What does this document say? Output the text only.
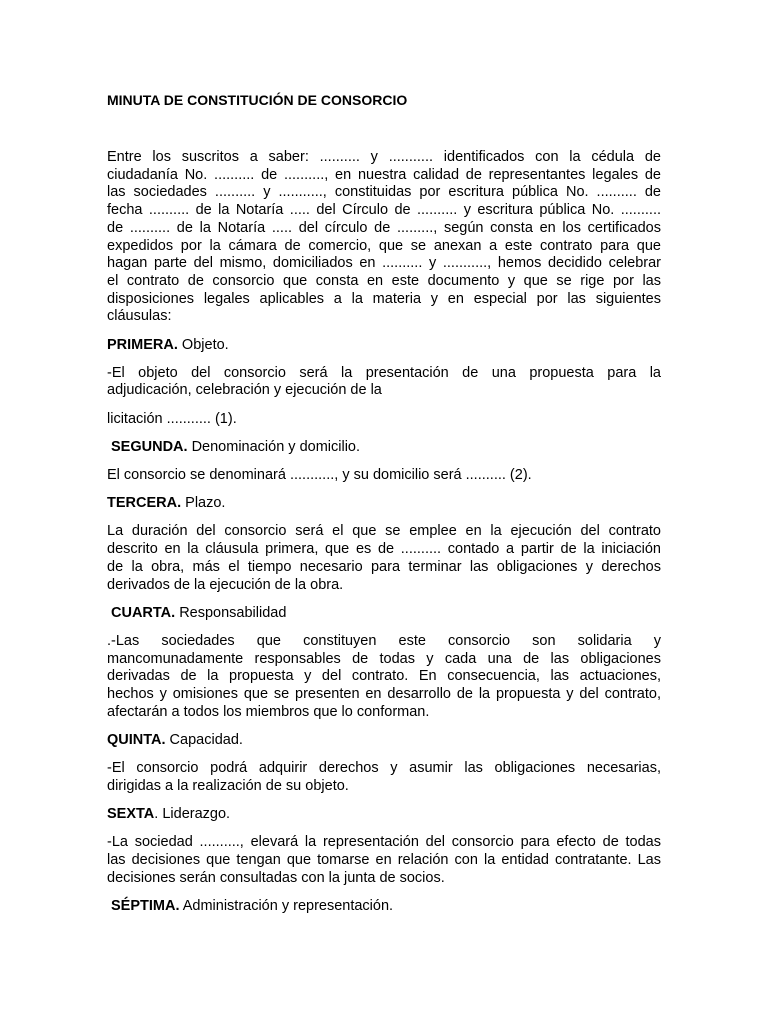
MINUTA DE CONSTITUCIÓN DE CONSORCIO

Entre los suscritos a saber: .......... y ........... identificados con la cédula de
ciudadanía No. .......... de .........., en nuestra calidad de representantes legales de
las sociedades .......... y ..........., constituidas por escritura pública No. .......... de
fecha .......... de la Notaría ..... del Círculo de .......... y escritura pública No. ..........
de .......... de la Notaría ..... del círculo de ........., según consta en los certificados
expedidos por la cámara de comercio, que se anexan a este contrato para que
hagan parte del mismo, domiciliados en .......... y ..........., hemos decidido celebrar
el contrato de consorcio que consta en este documento y que se rige por las
disposiciones legales aplicables a la materia y en especial por las siguientes
cláusulas:

PRIMERA. Objeto.

-El objeto del consorcio será la presentación de una propuesta para la
adjudicación, celebración y ejecución de la

licitación ........... (1).

SEGUNDA. Denominación y domicilio.

El consorcio se denominará ..........., y su domicilio será .......... (2).

TERCERA. Plazo.

La duración del consorcio será el que se emplee en la ejecución del contrato
descrito en la cláusula primera, que es de .......... contado a partir de la iniciación
de la obra, más el tiempo necesario para terminar las obligaciones y derechos
derivados de la ejecución de la obra.

CUARTA. Responsabilidad

.-Las sociedades que constituyen este consorcio son solidaria y
mancomunadamente responsables de todas y cada una de las obligaciones
derivadas de la propuesta y del contrato. En consecuencia, las actuaciones,
hechos y omisiones que se presenten en desarrollo de la propuesta y del contrato,
afectarán a todos los miembros que lo conforman.

QUINTA. Capacidad.

-El consorcio podrá adquirir derechos y asumir las obligaciones necesarias,
dirigidas a la realización de su objeto.

SEXTA. Liderazgo.

-La sociedad .........., elevará la representación del consorcio para efecto de todas
las decisiones que tengan que tomarse en relación con la entidad contratante. Las
decisiones serán consultadas con la junta de socios.

SÉPTIMA. Administración y representación.
